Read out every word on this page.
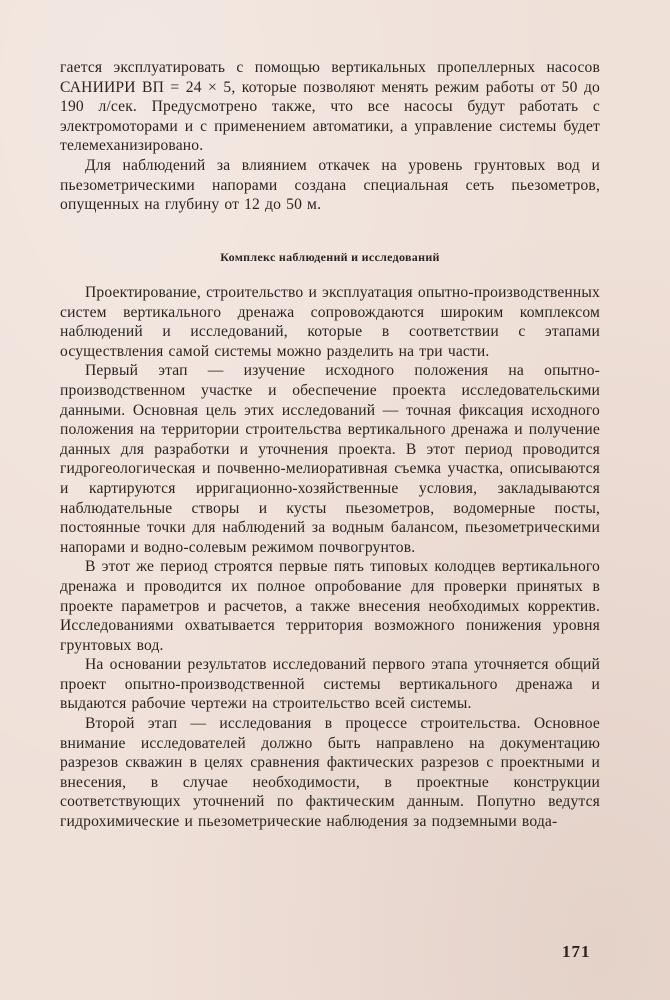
гается эксплуатировать с помощью вертикальных пропеллерных насосов САНИИРИ ВП = 24 × 5, которые позволяют менять режим работы от 50 до 190 л/сек. Предусмотрено также, что все насосы будут работать с электромоторами и с применением автоматики, а управление системы будет телемеханизировано.

Для наблюдений за влиянием откачек на уровень грунтовых вод и пьезометрическими напорами создана специальная сеть пьезометров, опущенных на глубину от 12 до 50 м.

Комплекс наблюдений и исследований

Проектирование, строительство и эксплуатация опытно-производственных систем вертикального дренажа сопровождаются широким комплексом наблюдений и исследований, которые в соответствии с этапами осуществления самой системы можно разделить на три части.

Первый этап — изучение исходного положения на опытно-производственном участке и обеспечение проекта исследовательскими данными. Основная цель этих исследований — точная фиксация исходного положения на территории строительства вертикального дренажа и получение данных для разработки и уточнения проекта. В этот период проводится гидрогеологическая и почвенно-мелиоративная съемка участка, описываются и картируются ирригационно-хозяйственные условия, закладываются наблюдательные створы и кусты пьезометров, водомерные посты, постоянные точки для наблюдений за водным балансом, пьезометрическими напорами и водно-солевым режимом почвогрунтов.

В этот же период строятся первые пять типовых колодцев вертикального дренажа и проводится их полное опробование для проверки принятых в проекте параметров и расчетов, а также внесения необходимых корректив. Исследованиями охватывается территория возможного понижения уровня грунтовых вод.

На основании результатов исследований первого этапа уточняется общий проект опытно-производственной системы вертикального дренажа и выдаются рабочие чертежи на строительство всей системы.

Второй этап — исследования в процессе строительства. Основное внимание исследователей должно быть направлено на документацию разрезов скважин в целях сравнения фактических разрезов с проектными и внесения, в случае необходимости, в проектные конструкции соответствующих уточнений по фактическим данным. Попутно ведутся гидрохимические и пьезометрические наблюдения за подземными вода-

171
